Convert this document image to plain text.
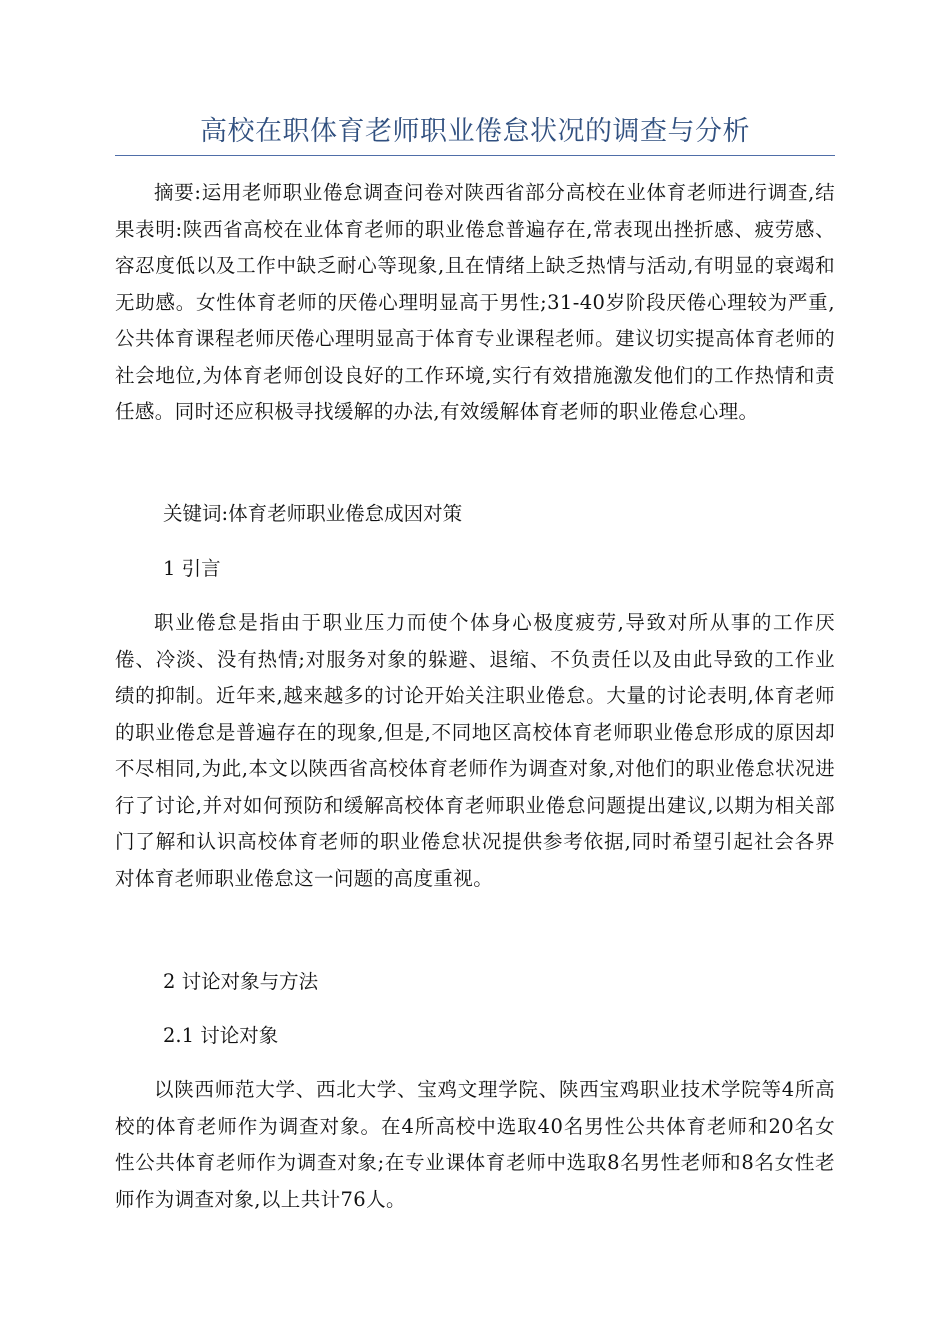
高校在职体育老师职业倦怠状况的调查与分析
摘要:运用老师职业倦怠调查问卷对陕西省部分高校在业体育老师进行调查,结果表明:陕西省高校在业体育老师的职业倦怠普遍存在,常表现出挫折感、疲劳感、容忍度低以及工作中缺乏耐心等现象,且在情绪上缺乏热情与活动,有明显的衰竭和无助感。女性体育老师的厌倦心理明显高于男性;31-40岁阶段厌倦心理较为严重,公共体育课程老师厌倦心理明显高于体育专业课程老师。建议切实提高体育老师的社会地位,为体育老师创设良好的工作环境,实行有效措施激发他们的工作热情和责任感。同时还应积极寻找缓解的办法,有效缓解体育老师的职业倦怠心理。
关键词:体育老师职业倦怠成因对策
1 引言
职业倦怠是指由于职业压力而使个体身心极度疲劳,导致对所从事的工作厌倦、冷淡、没有热情;对服务对象的躲避、退缩、不负责任以及由此导致的工作业绩的抑制。近年来,越来越多的讨论开始关注职业倦怠。大量的讨论表明,体育老师的职业倦怠是普遍存在的现象,但是,不同地区高校体育老师职业倦怠形成的原因却不尽相同,为此,本文以陕西省高校体育老师作为调查对象,对他们的职业倦怠状况进行了讨论,并对如何预防和缓解高校体育老师职业倦怠问题提出建议,以期为相关部门了解和认识高校体育老师的职业倦怠状况提供参考依据,同时希望引起社会各界对体育老师职业倦怠这一问题的高度重视。
2 讨论对象与方法
2.1 讨论对象
以陕西师范大学、西北大学、宝鸡文理学院、陕西宝鸡职业技术学院等4所高校的体育老师作为调查对象。在4所高校中选取40名男性公共体育老师和20名女性公共体育老师作为调查对象;在专业课体育老师中选取8名男性老师和8名女性老师作为调查对象,以上共计76人。
